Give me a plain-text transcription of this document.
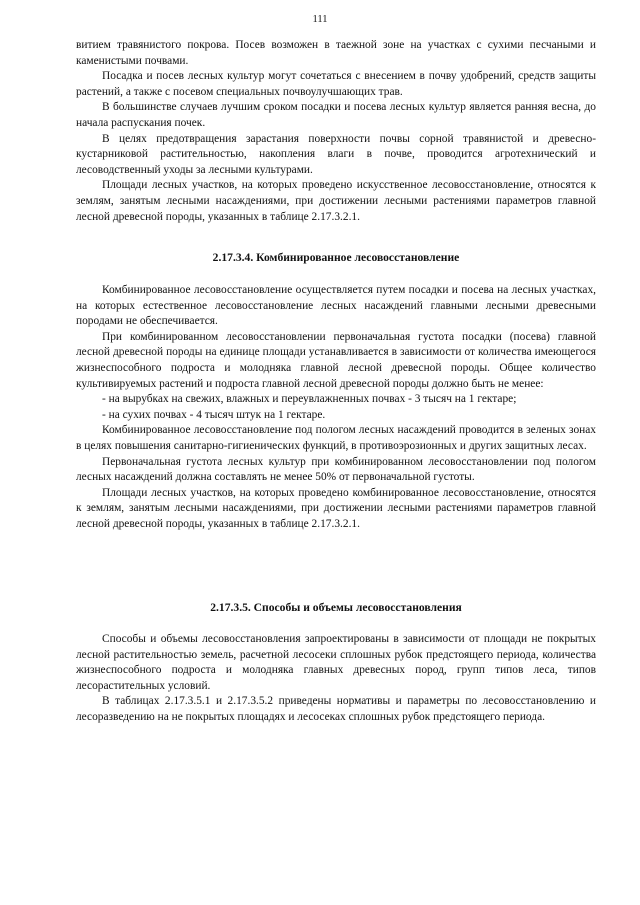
111

витием травянистого покрова. Посев возможен в таежной зоне на участках с сухими песчаными и каменистыми почвами.

Посадка и посев лесных культур могут сочетаться с внесением в почву удобрений, средств защиты растений, а также с посевом специальных почвоулучшающих трав.

В большинстве случаев лучшим сроком посадки и посева лесных культур является ранняя весна, до начала распускания почек.

В целях предотвращения зарастания поверхности почвы сорной травянистой и древесно-кустарниковой растительностью, накопления влаги в почве, проводится агротехнический и лесоводственный уходы за лесными культурами.

Площади лесных участков, на которых проведено искусственное лесовосстановление, относятся к землям, занятым лесными насаждениями, при достижении лесными растениями параметров главной лесной древесной породы, указанных в таблице 2.17.3.2.1.

2.17.3.4. Комбинированное лесовосстановление

Комбинированное лесовосстановление осуществляется путем посадки и посева на лесных участках, на которых естественное лесовосстановление лесных насаждений главными лесными древесными породами не обеспечивается.

При комбинированном лесовосстановлении первоначальная густота посадки (посева) главной лесной древесной породы на единице площади устанавливается в зависимости от количества имеющегося жизнеспособного подроста и молодняка главной лесной древесной породы. Общее количество культивируемых растений и подроста главной лесной древесной породы должно быть не менее:

- на вырубках на свежих, влажных и переувлажненных почвах - 3 тысяч на 1 гектаре;

- на сухих почвах - 4 тысяч штук на 1 гектаре.

Комбинированное лесовосстановление под пологом лесных насаждений проводится в зеленых зонах в целях повышения санитарно-гигиенических функций, в противоэрозионных и других защитных лесах.

Первоначальная густота лесных культур при комбинированном лесовосстановлении под пологом лесных насаждений должна составлять не менее 50% от первоначальной густоты.

Площади лесных участков, на которых проведено комбинированное лесовосстановление, относятся к землям, занятым лесными насаждениями, при достижении лесными растениями параметров главной лесной древесной породы, указанных в таблице 2.17.3.2.1.

2.17.3.5. Способы и объемы лесовосстановления

Способы и объемы лесовосстановления запроектированы в зависимости от площади не покрытых лесной растительностью земель, расчетной лесосеки сплошных рубок предстоящего периода, количества жизнеспособного подроста и молодняка главных древесных пород, групп типов леса, типов лесорастительных условий.

В таблицах 2.17.3.5.1 и 2.17.3.5.2 приведены нормативы и параметры по лесовосстановлению и лесоразведению на не покрытых площадях и лесосеках сплошных рубок предстоящего периода.
